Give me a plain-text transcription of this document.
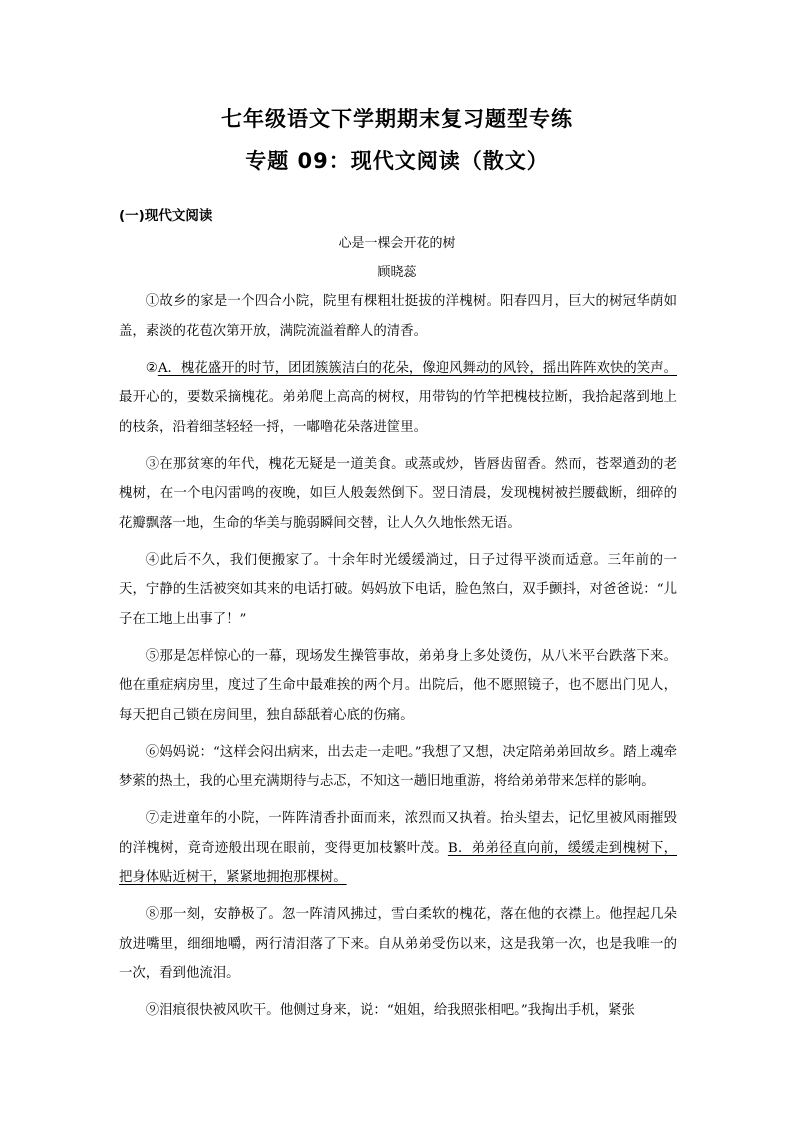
七年级语文下学期期末复习题型专练
专题 09：现代文阅读（散文）
(一)现代文阅读
心是一棵会开花的树
顾晓蕊

①故乡的家是一个四合小院，院里有棵粗壮挺拔的洋槐树。阳春四月，巨大的树冠华荫如盖，素淡的花苞次第开放，满院流溢着醉人的清香。

②A．槐花盛开的时节，团团簇簇洁白的花朵，像迎风舞动的风铃，摇出阵阵欢快的笑声。最开心的，要数采摘槐花。弟弟爬上高高的树杈，用带钩的竹竿把槐枝拉断，我拾起落到地上的枝条，沿着细茎轻轻一捋，一嘟噜花朵落进筐里。

③在那贫寒的年代，槐花无疑是一道美食。或蒸或炒，皆唇齿留香。然而，苍翠遒劲的老槐树，在一个电闪雷鸣的夜晚，如巨人般轰然倒下。翌日清晨，发现槐树被拦腰截断，细碎的花瓣飘落一地，生命的华美与脆弱瞬间交替，让人久久地怅然无语。

④此后不久，我们便搬家了。十余年时光缓缓淌过，日子过得平淡而适意。三年前的一天，宁静的生活被突如其来的电话打破。妈妈放下电话，脸色煞白，双手颤抖，对爸爸说：“儿子在工地上出事了！”

⑤那是怎样惊心的一幕，现场发生操管事故，弟弟身上多处烫伤，从八米平台跌落下来。他在重症病房里，度过了生命中最难挨的两个月。出院后，他不愿照镜子，也不愿出门见人，每天把自己锁在房间里，独自舔舐着心底的伤痛。

⑥妈妈说：“这样会闷出病来，出去走一走吧。”我想了又想，决定陪弟弟回故乡。踏上魂牵梦萦的热土，我的心里充满期待与忐忑，不知这一趟旧地重游，将给弟弟带来怎样的影响。

⑦走进童年的小院，一阵阵清香扑面而来，浓烈而又执着。抬头望去，记忆里被风雨摧毁的洋槐树，竟奇迹般出现在眼前，变得更加枝繁叶茂。B．弟弟径直向前，缓缓走到槐树下，把身体贴近树干，紧紧地拥抱那棵树。

⑧那一刻，安静极了。忽一阵清风拂过，雪白柔软的槐花，落在他的衣襟上。他捏起几朵放进嘴里，细细地嚼，两行清泪落了下来。自从弟弟受伤以来，这是我第一次，也是我唯一的一次，看到他流泪。

⑨泪痕很快被风吹干。他侧过身来，说：“姐姐，给我照张相吧。”我掏出手机，紧张
